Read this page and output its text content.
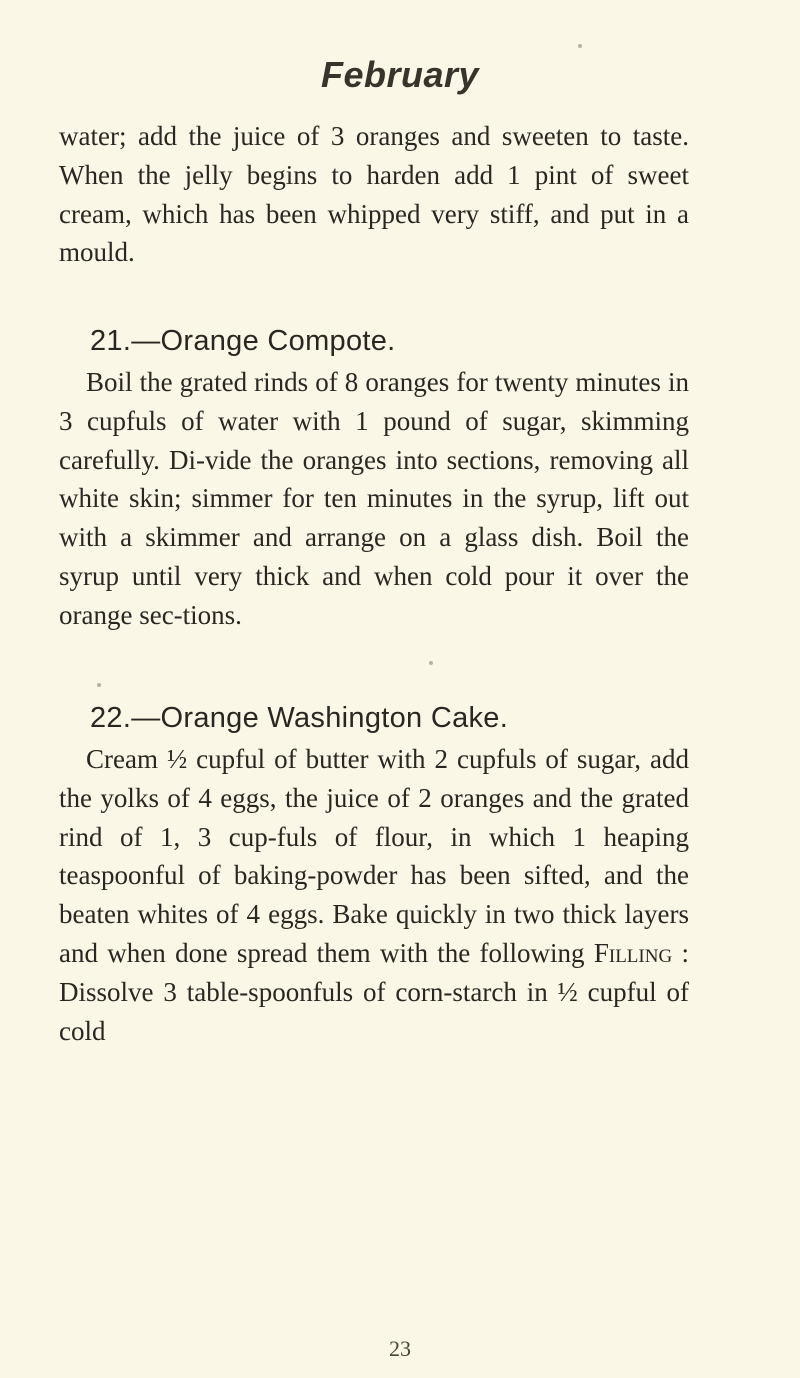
February

water; add the juice of 3 oranges and sweeten to taste. When the jelly begins to harden add 1 pint of sweet cream, which has been whipped very stiff, and put in a mould.

21.—Orange Compote.

Boil the grated rinds of 8 oranges for twenty minutes in 3 cupfuls of water with 1 pound of sugar, skimming carefully. Di-vide the oranges into sections, removing all white skin; simmer for ten minutes in the syrup, lift out with a skimmer and arrange on a glass dish. Boil the syrup until very thick and when cold pour it over the orange sec-tions.

22.—Orange Washington Cake.

Cream ½ cupful of butter with 2 cupfuls of sugar, add the yolks of 4 eggs, the juice of 2 oranges and the grated rind of 1, 3 cup-fuls of flour, in which 1 heaping teaspoonful of baking-powder has been sifted, and the beaten whites of 4 eggs. Bake quickly in two thick layers and when done spread them with the following Filling : Dissolve 3 table-spoonfuls of corn-starch in ½ cupful of cold

23
